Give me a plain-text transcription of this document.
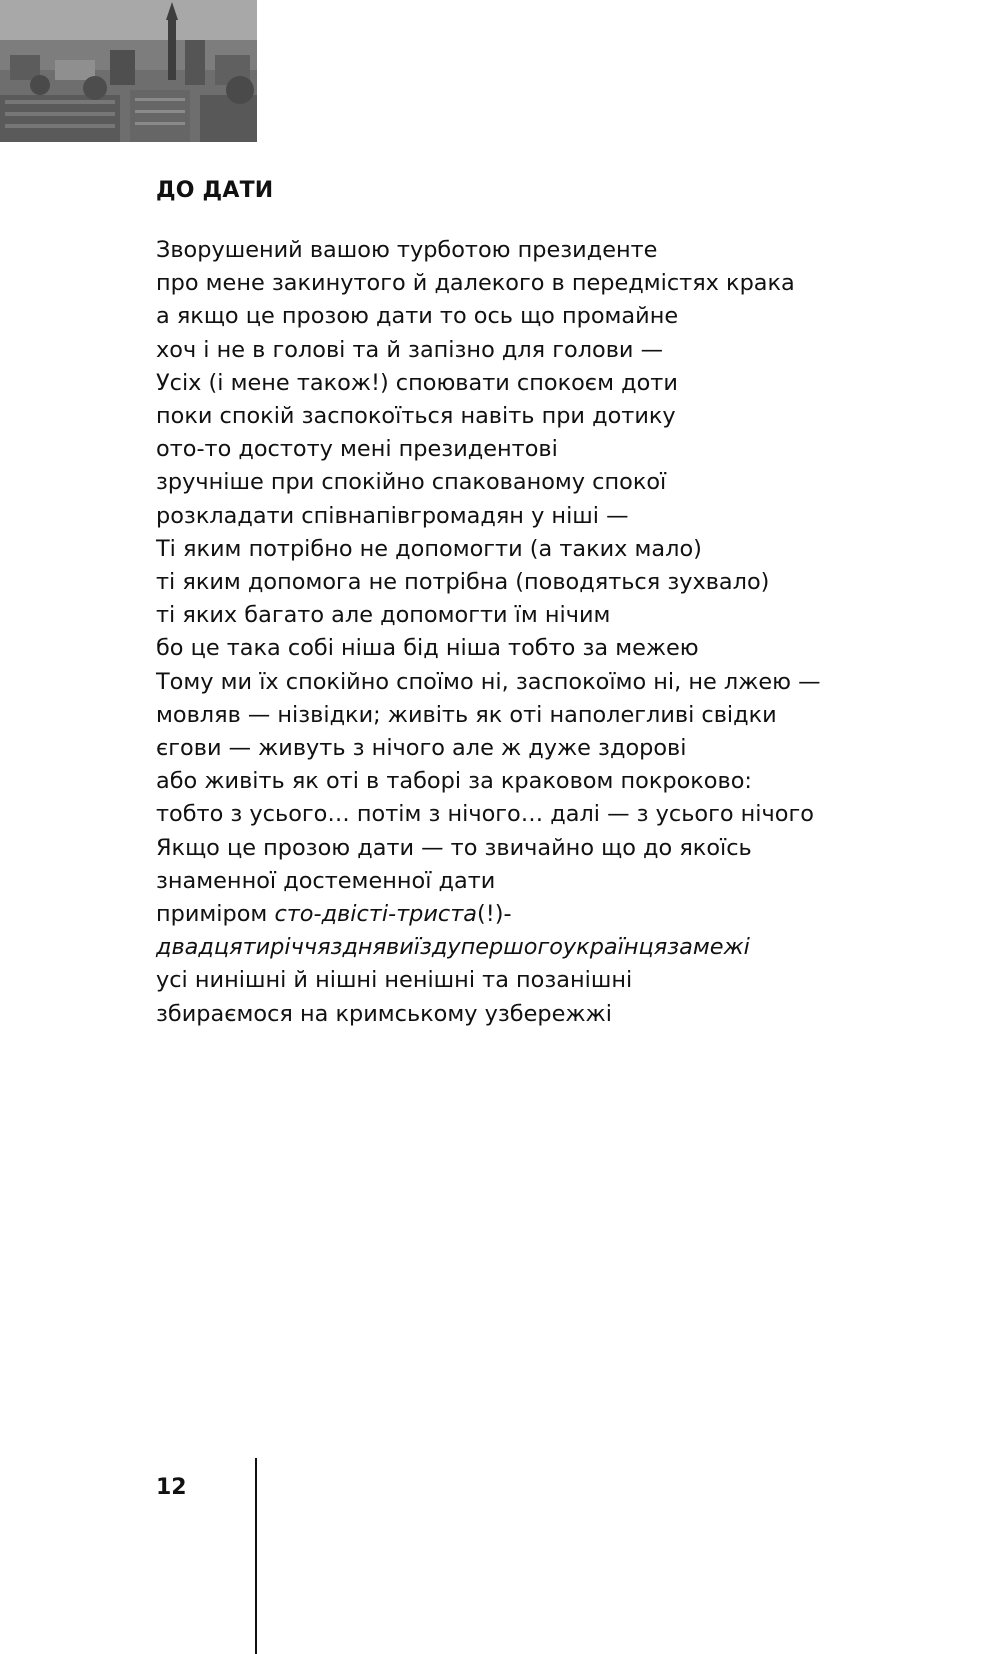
ДО ДАТИ
Зворушений вашою турботою президенте
про мене закинутого й далекого в передмістях крака
а якщо це прозою дати то ось що промайне
хоч і не в голові та й запізно для голови —
Усіх (і мене також!) споювати спокоєм доти
поки спокій заспокоїться навіть при дотику
ото-то достоту мені президентові
зручніше при спокійно спакованому спокої
розкладати співнапівгромадян у ніші —
Ті яким потрібно не допомогти (а таких мало)
ті яким допомога не потрібна (поводяться зухвало)
ті яких багато але допомогти їм нічим
бо це така собі ніша бід ніша тобто за межею
Тому ми їх спокійно споїмо ні, заспокоїмо ні, не лжею —
мовляв — нізвідки; живіть як оті наполегливі свідки
єгови — живуть з нічого але ж дуже здорові
або живіть як оті в таборі за краковом покроково:
тобто з усього… потім з нічого… далі — з усього нічого
Якщо це прозою дати — то звичайно що до якоїсь
знаменної достеменної дати
приміром сто-двісті-триста(!)-
двадцятиріччязднявиїздупершогоукраїнцязамежі
усі нинішні й нішні ненішні та позанішні
збираємося на кримському узбережжі
12
